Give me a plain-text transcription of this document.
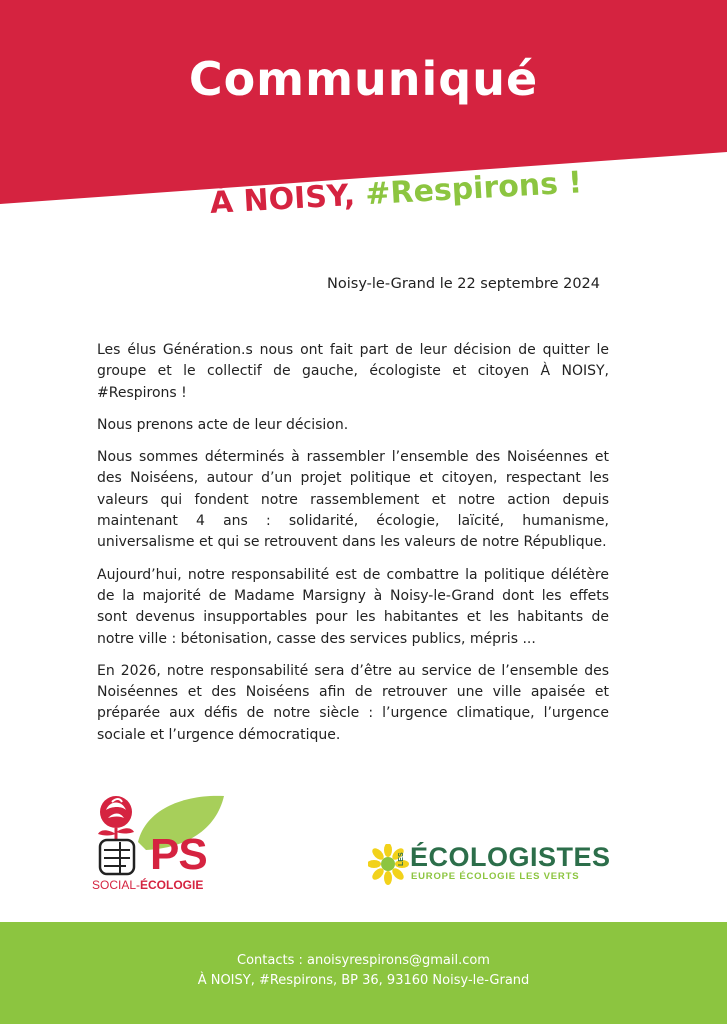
Communiqué
À NOISY, #Respirons !
Noisy-le-Grand le 22 septembre 2024

Les élus Génération.s nous ont fait part de leur décision de quitter le groupe et le collectif de gauche, écologiste et citoyen À NOISY, #Respirons !

Nous prenons acte de leur décision.

Nous sommes déterminés à rassembler l’ensemble des Noiséennes et des Noiséens, autour d’un projet politique et citoyen, respectant les valeurs qui fondent notre rassemblement et notre action depuis maintenant 4 ans : solidarité, écologie, laïcité, humanisme, universalisme et qui se retrouvent dans les valeurs de notre République.

Aujourd’hui, notre responsabilité est de combattre la politique délétère de la majorité de Madame Marsigny à Noisy-le-Grand dont les effets sont devenus insupportables pour les habitantes et les habitants de notre ville : bétonisation, casse des services publics, mépris ...

En 2026, notre responsabilité sera d’être au service de l’ensemble des Noiséennes et des Noiséens afin de retrouver une ville apaisée et préparée aux défis de notre siècle : l’urgence climatique, l’urgence sociale et l’urgence démocratique.

PS
SOCIAL-ÉCOLOGIE
LES ÉCOLOGISTES
EUROPE ÉCOLOGIE LES VERTS
Contacts : anoisyrespirons@gmail.com
À NOISY, #Respirons, BP 36, 93160 Noisy-le-Grand
